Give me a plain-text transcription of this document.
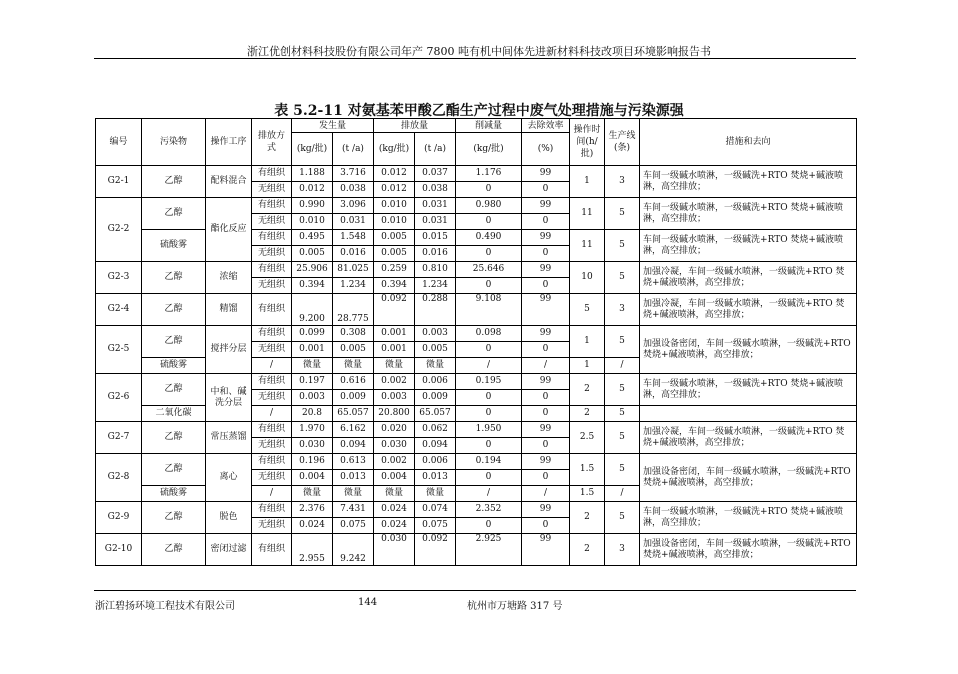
浙江优创材料科技股份有限公司年产 7800 吨有机中间体先进新材料科技改项目环境影响报告书
表 5.2-11 对氨基苯甲酸乙酯生产过程中废气处理措施与污染源强
编号	污染物	操作工序	排放方式	发生量		排放量		削减量	去除效率	操作时间(h/批)	生产线(条)	措施和去向
				(kg/批)	(t /a)	(kg/批)	(t /a)	(kg/批)	(%)			
G2-1	乙醇	配料混合	有组织	1.188	3.716	0.012	0.037	1.176	99	1	3	车间一级碱水喷淋，一级碱洗+RTO 焚烧+碱液喷淋，高空排放；
			无组织	0.012	0.038	0.012	0.038	0	0			
G2-2	乙醇	酯化反应	有组织	0.990	3.096	0.010	0.031	0.980	99	11	5	车间一级碱水喷淋，一级碱洗+RTO 焚烧+碱液喷淋，高空排放；
			无组织	0.010	0.031	0.010	0.031	0	0			
	硫酸雾		有组织	0.495	1.548	0.005	0.015	0.490	99	11	5	车间一级碱水喷淋，一级碱洗+RTO 焚烧+碱液喷淋，高空排放；
			无组织	0.005	0.016	0.005	0.016	0	0			
G2-3	乙醇	浓缩	有组织	25.906	81.025	0.259	0.810	25.646	99	10	5	加强冷凝，车间一级碱水喷淋，一级碱洗+RTO 焚烧+碱液喷淋，高空排放；
			无组织	0.394	1.234	0.394	1.234	0	0			
G2-4	乙醇	精馏	有组织	9.200	28.775	0.092	0.288	9.108	99	5	3	加强冷凝，车间一级碱水喷淋，一级碱洗+RTO 焚烧+碱液喷淋，高空排放；
G2-5	乙醇	搅拌分层	有组织	0.099	0.308	0.001	0.003	0.098	99	1	5	加强设备密闭，车间一级碱水喷淋，一级碱洗+RTO 焚烧+碱液喷淋，高空排放；
			无组织	0.001	0.005	0.001	0.005	0	0			
	硫酸雾		/	微量	微量	微量	微量	/	/	1	/	
G2-6	乙醇	中和、碱洗分层	有组织	0.197	0.616	0.002	0.006	0.195	99	2	5	车间一级碱水喷淋，一级碱洗+RTO 焚烧+碱液喷淋，高空排放；
			无组织	0.003	0.009	0.003	0.009	0	0			
	二氧化碳		/	20.8	65.057	20.800	65.057	0	0	2	5	
G2-7	乙醇	常压蒸馏	有组织	1.970	6.162	0.020	0.062	1.950	99	2.5	5	加强冷凝，车间一级碱水喷淋，一级碱洗+RTO 焚烧+碱液喷淋，高空排放；
			无组织	0.030	0.094	0.030	0.094	0	0			
G2-8	乙醇	离心	有组织	0.196	0.613	0.002	0.006	0.194	99	1.5	5	加强设备密闭，车间一级碱水喷淋，一级碱洗+RTO 焚烧+碱液喷淋，高空排放；
			无组织	0.004	0.013	0.004	0.013	0	0			
	硫酸雾		/	微量	微量	微量	微量	/	/	1.5	/	
G2-9	乙醇	脱色	有组织	2.376	7.431	0.024	0.074	2.352	99	2	5	车间一级碱水喷淋，一级碱洗+RTO 焚烧+碱液喷淋，高空排放；
			无组织	0.024	0.075	0.024	0.075	0	0			
G2-10	乙醇	密闭过滤	有组织	2.955	9.242	0.030	0.092	2.925	99	2	3	加强设备密闭，车间一级碱水喷淋，一级碱洗+RTO 焚烧+碱液喷淋，高空排放；
浙江碧扬环境工程技术有限公司	144	杭州市万塘路 317 号
